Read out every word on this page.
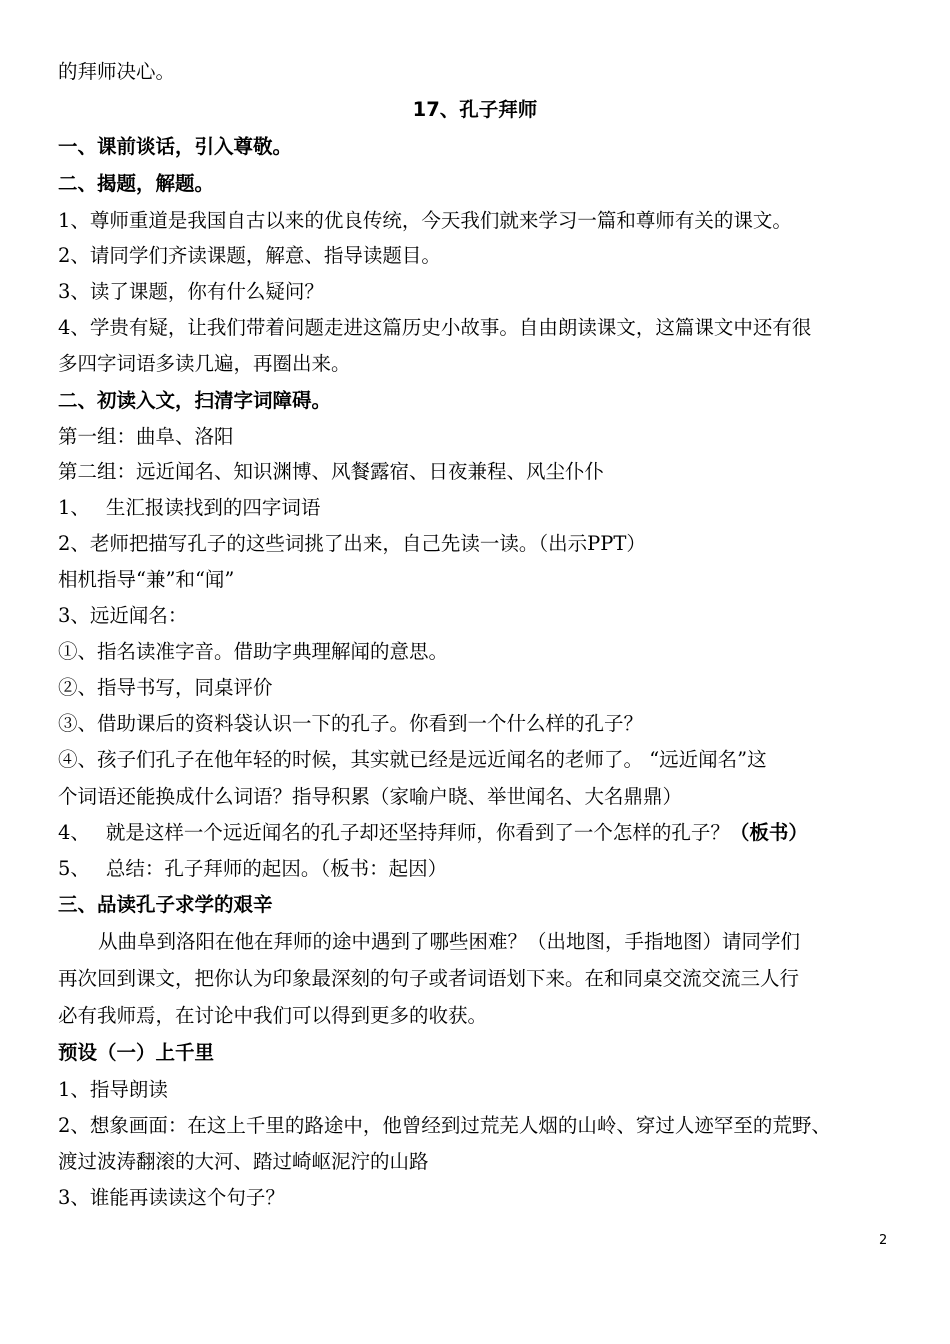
的拜师决心。
17、孔子拜师
一、课前谈话，引入尊敬。
二、揭题，解题。
1、尊师重道是我国自古以来的优良传统，今天我们就来学习一篇和尊师有关的课文。
2、请同学们齐读课题，解意、指导读题目。
3、读了课题，你有什么疑问？
4、学贵有疑，让我们带着问题走进这篇历史小故事。自由朗读课文，这篇课文中还有很
多四字词语多读几遍，再圈出来。
二、初读入文，扫清字词障碍。
第一组：曲阜、洛阳
第二组：远近闻名、知识渊博、风餐露宿、日夜兼程、风尘仆仆
1、　 生汇报读找到的四字词语
2、老师把描写孔子的这些词挑了出来，自己先读一读。（出示PPT）
相机指导“兼”和“闻”
3、远近闻名：
①、指名读准字音。借助字典理解闻的意思。
②、指导书写，同桌评价
③、借助课后的资料袋认识一下的孔子。你看到一个什么样的孔子？
④、孩子们孔子在他年轻的时候，其实就已经是远近闻名的老师了。 “远近闻名”这
个词语还能换成什么词语？指导积累（家喻户晓、举世闻名、大名鼎鼎）
4、　 就是这样一个远近闻名的孔子却还坚持拜师，你看到了一个怎样的孔子？（板书）
5、　 总结：孔子拜师的起因。（板书：起因）
三、品读孔子求学的艰辛
从曲阜到洛阳在他在拜师的途中遇到了哪些困难？（出地图，手指地图）请同学们
再次回到课文，把你认为印象最深刻的句子或者词语划下来。在和同桌交流交流三人行
必有我师焉，在讨论中我们可以得到更多的收获。
预设（一）上千里
1、指导朗读
2、想象画面：在这上千里的路途中，他曾经到过荒芜人烟的山岭、穿过人迹罕至的荒野、
渡过波涛翻滚的大河、踏过崎岖泥泞的山路
3、谁能再读读这个句子？
2
